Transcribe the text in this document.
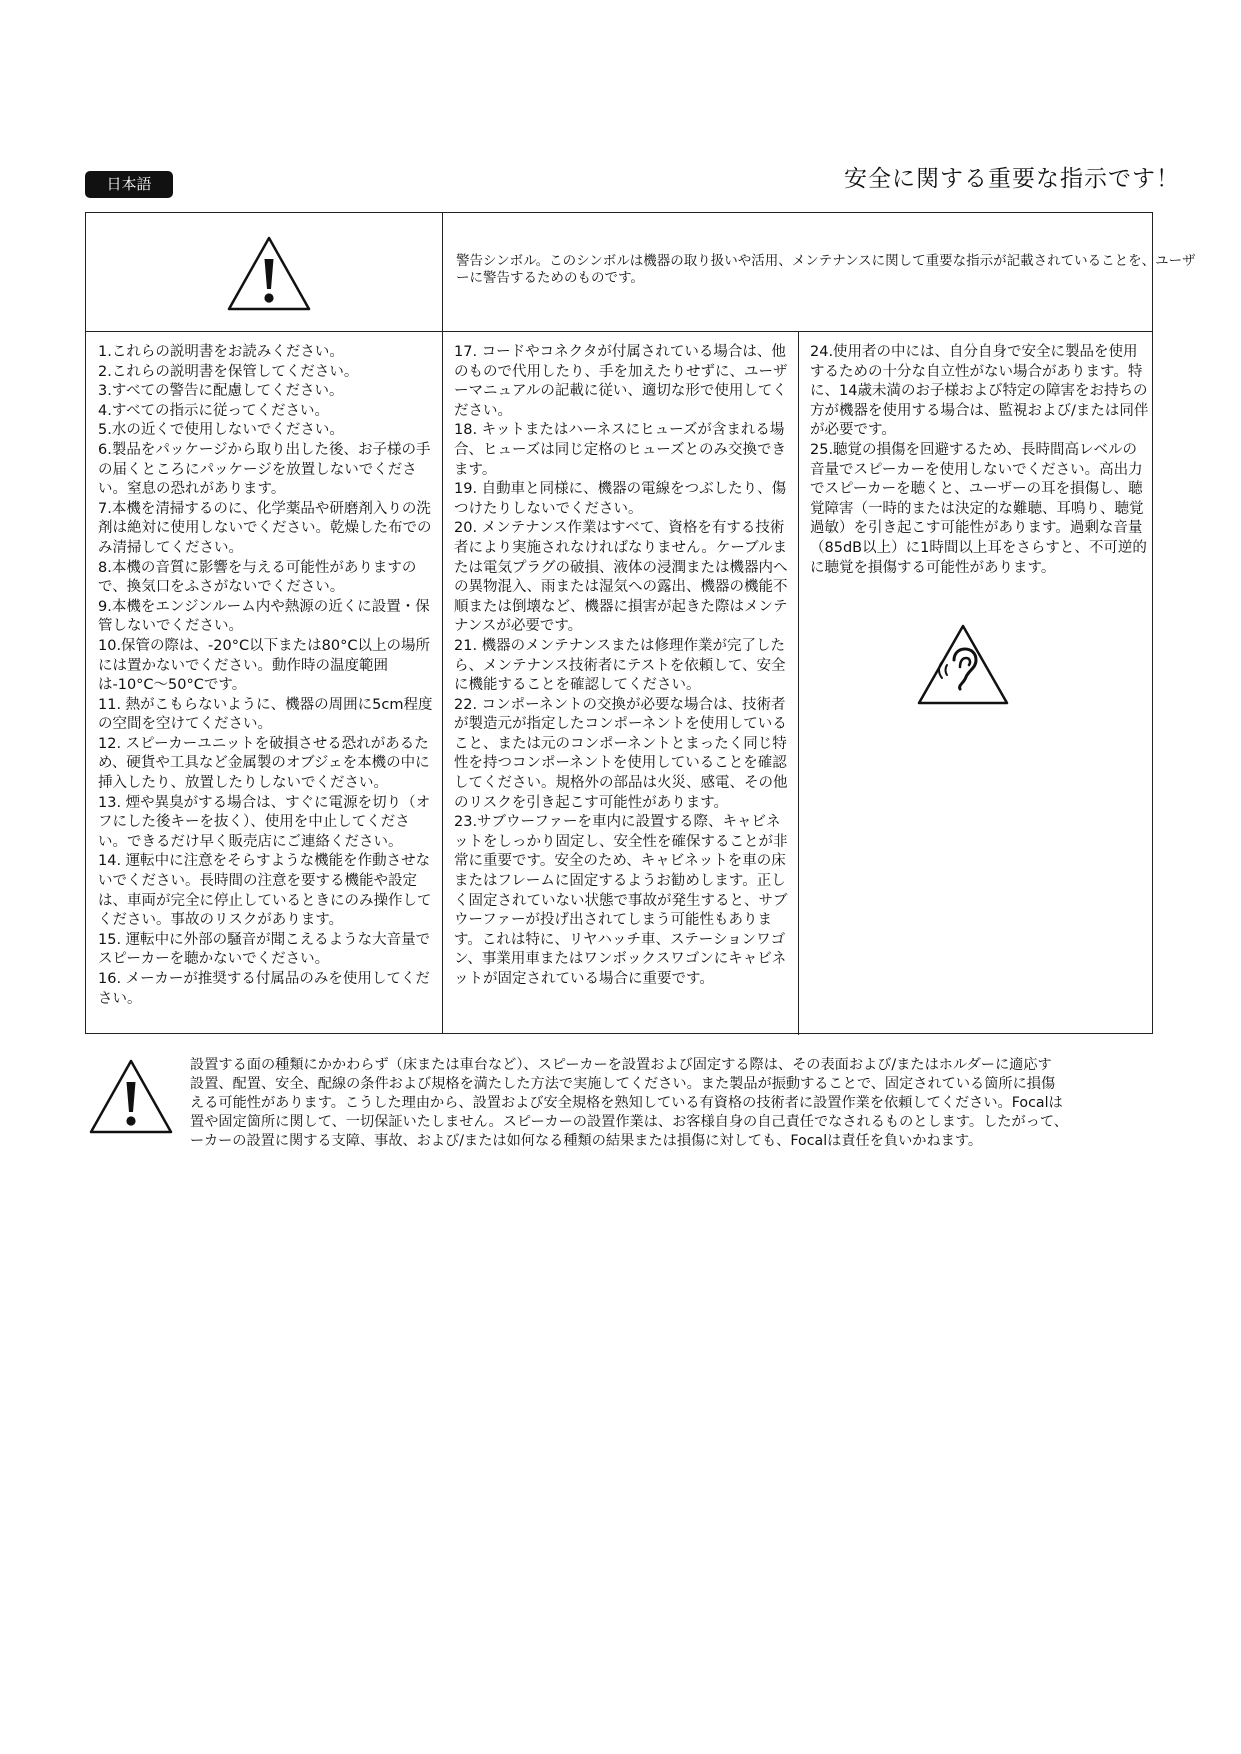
日本語	安全に関する重要な指示です！
警告シンボル。このシンボルは機器の取り扱いや活用、メンテナンスに関して重要な指示が記載されていることを、ユーザーに警告するためのものです。
1.これらの説明書をお読みください。
2.これらの説明書を保管してください。
3.すべての警告に配慮してください。
4.すべての指示に従ってください。
5.水の近くで使用しないでください。
6.製品をパッケージから取り出した後、お子様の手の届くところにパッケージを放置しないでください。窒息の恐れがあります。
7.本機を清掃するのに、化学薬品や研磨剤入りの洗剤は絶対に使用しないでください。乾燥した布でのみ清掃してください。
8.本機の音質に影響を与える可能性がありますので、換気口をふさがないでください。
9.本機をエンジンルーム内や熱源の近くに設置・保管しないでください。
10.保管の際は、-20°C以下または80°C以上の場所には置かないでください。動作時の温度範囲は-10°C～50°Cです。
11. 熱がこもらないように、機器の周囲に5cm程度の空間を空けてください。
12. スピーカーユニットを破損させる恐れがあるため、硬貨や工具など金属製のオブジェを本機の中に挿入したり、放置したりしないでください。
13. 煙や異臭がする場合は、すぐに電源を切り（オフにした後キーを抜く）、使用を中止してください。できるだけ早く販売店にご連絡ください。
14. 運転中に注意をそらすような機能を作動させないでください。長時間の注意を要する機能や設定は、車両が完全に停止しているときにのみ操作してください。事故のリスクがあります。
15. 運転中に外部の騒音が聞こえるような大音量でスピーカーを聴かないでください。
16. メーカーが推奨する付属品のみを使用してください。
17. コードやコネクタが付属されている場合は、他のもので代用したり、手を加えたりせずに、ユーザーマニュアルの記載に従い、適切な形で使用してください。
18. キットまたはハーネスにヒューズが含まれる場合、ヒューズは同じ定格のヒューズとのみ交換できます。
19. 自動車と同様に、機器の電線をつぶしたり、傷つけたりしないでください。
20. メンテナンス作業はすべて、資格を有する技術者により実施されなければなりません。ケーブルまたは電気プラグの破損、液体の浸潤または機器内への異物混入、雨または湿気への露出、機器の機能不順または倒壊など、機器に損害が起きた際はメンテナンスが必要です。
21. 機器のメンテナンスまたは修理作業が完了したら、メンテナンス技術者にテストを依頼して、安全に機能することを確認してください。
22. コンポーネントの交換が必要な場合は、技術者が製造元が指定したコンポーネントを使用していること、または元のコンポーネントとまったく同じ特性を持つコンポーネントを使用していることを確認してください。規格外の部品は火災、感電、その他のリスクを引き起こす可能性があります。
23.サブウーファーを車内に設置する際、キャビネットをしっかり固定し、安全性を確保することが非常に重要です。安全のため、キャビネットを車の床またはフレームに固定するようお勧めします。正しく固定されていない状態で事故が発生すると、サブウーファーが投げ出されてしまう可能性もあります。これは特に、リヤハッチ車、ステーションワゴン、事業用車またはワンボックスワゴンにキャビネットが固定されている場合に重要です。
24.使用者の中には、自分自身で安全に製品を使用するための十分な自立性がない場合があります。特に、14歳未満のお子様および特定の障害をお持ちの方が機器を使用する場合は、監視および/または同伴が必要です。
25.聴覚の損傷を回避するため、長時間高レベルの音量でスピーカーを使用しないでください。高出力でスピーカーを聴くと、ユーザーの耳を損傷し、聴覚障害（一時的または決定的な難聴、耳鳴り、聴覚過敏）を引き起こす可能性があります。過剰な音量（85dB以上）に1時間以上耳をさらすと、不可逆的に聴覚を損傷する可能性があります。
設置する面の種類にかかわらず（床または車台など）、スピーカーを設置および固定する際は、その表面および/またはホルダーに適応す
設置、配置、安全、配線の条件および規格を満たした方法で実施してください。また製品が振動することで、固定されている箇所に損傷
える可能性があります。こうした理由から、設置および安全規格を熟知している有資格の技術者に設置作業を依頼してください。Focalは
置や固定箇所に関して、一切保証いたしません。スピーカーの設置作業は、お客様自身の自己責任でなされるものとします。したがって、
ーカーの設置に関する支障、事故、および/または如何なる種類の結果または損傷に対しても、Focalは責任を負いかねます。
